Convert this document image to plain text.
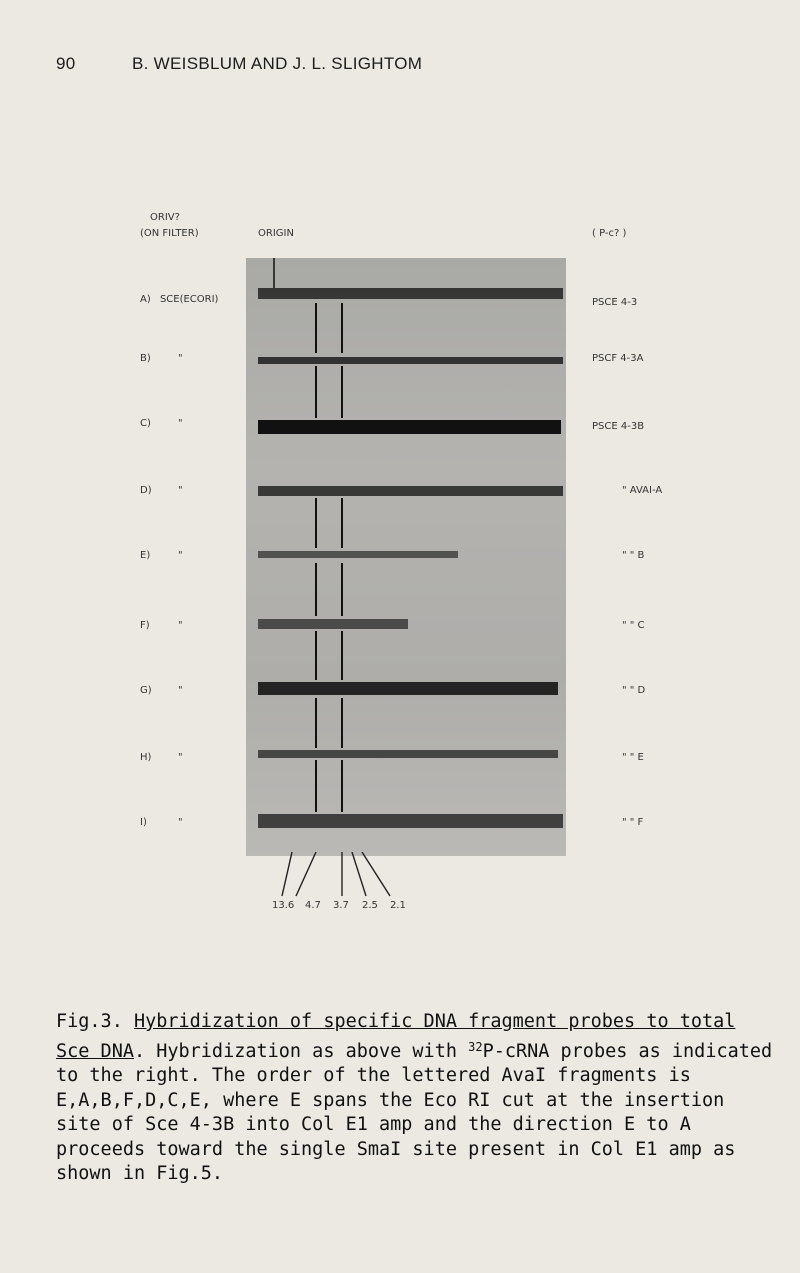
90	B. WEISBLUM AND J. L. SLIGHTOM
ORIV?
(ON FILTER)	ORIGIN	( P-c? )
13.6 4.7 3.7 2.5 2.1
A) SCE(ECORI)
B)	"
C)	"
D)	"
E)	"
F)	"
G)	"
H)	"
I)	"
PSCE 4-3
PSCF 4-3A
PSCE 4-3B
" AVAI-A
" " B
" " C
" " D
" " E
" " F

Fig.3. Hybridization of specific DNA fragment probes to total Sce DNA. Hybridization as above with $^{32}$P-cRNA probes as indicated to the right. The order of the lettered AvaI fragments is E,A,B,F,D,C,E, where E spans the Eco RI cut at the insertion site of Sce 4-3B into Col E1 amp and the direction E to A proceeds toward the single SmaI site present in Col E1 amp as shown in Fig.5.
